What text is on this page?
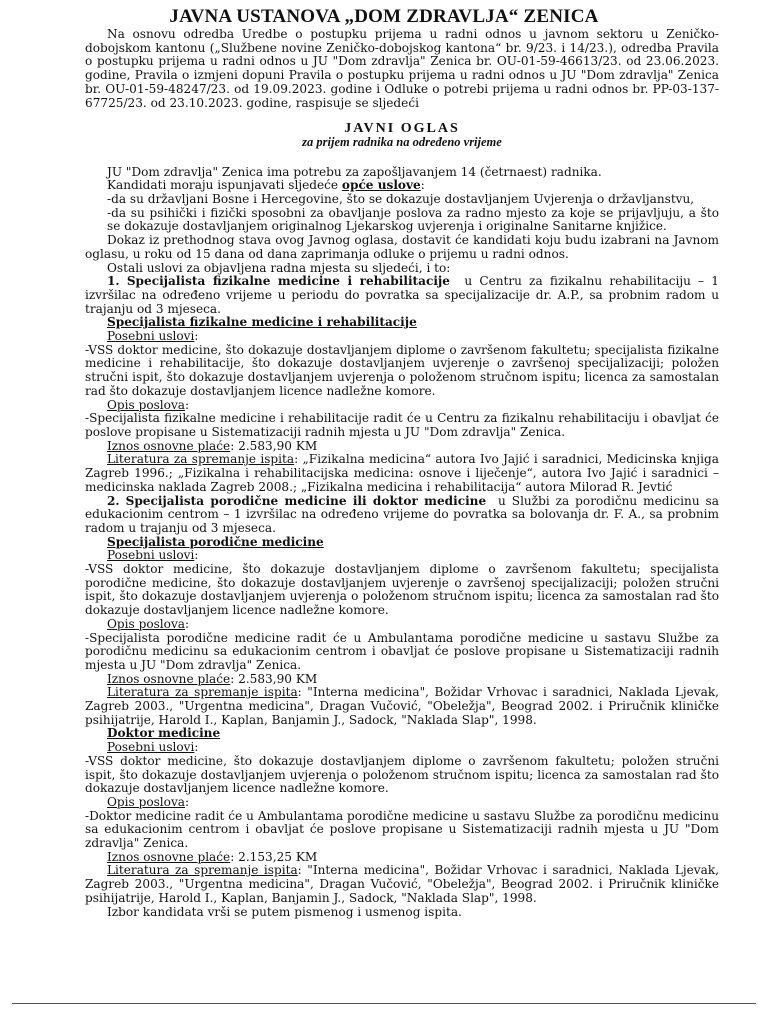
JAVNA USTANOVA „DOM ZDRAVLJA“ ZENICA

Na osnovu odredba Uredbe o postupku prijema u radni odnos u javnom sektoru u Zeničko-dobojskom kantonu („Službene novine Zeničko-dobojskog kantona“ br. 9/23. i 14/23.), odredba Pravila o postupku prijema u radni odnos u JU "Dom zdravlja" Zenica br. OU-01-59-46613/23. od 23.06.2023. godine, Pravila o izmjeni dopuni Pravila o postupku prijema u radni odnos u JU "Dom zdravlja" Zenica br. OU-01-59-48247/23. od 19.09.2023. godine i Odluke o potrebi prijema u radni odnos br. PP-03-137-67725/23. od 23.10.2023. godine, raspisuje se sljedeći

JAVNI OGLAS
za prijem radnika na određeno vrijeme

JU "Dom zdravlja" Zenica ima potrebu za zapošljavanjem 14 (četrnaest) radnika.

Kandidati moraju ispunjavati sljedeće opće uslove:

-da su državljani Bosne i Hercegovine, što se dokazuje dostavljanjem Uvjerenja o državljanstvu,

-da su psihički i fizički sposobni za obavljanje poslova za radno mjesto za koje se prijavljuju, a što se dokazuje dostavljanjem originalnog Ljekarskog uvjerenja i originalne Sanitarne knjižice.

Dokaz iz prethodnog stava ovog Javnog oglasa, dostavit će kandidati koju budu izabrani na Javnom oglasu, u roku od 15 dana od dana zaprimanja odluke o prijemu u radni odnos.

Ostali uslovi za objavljena radna mjesta su sljedeći, i to:

1. Specijalista fizikalne medicine i rehabilitacije u Centru za fizikalnu rehabilitaciju – 1 izvršilac na određeno vrijeme u periodu do povratka sa specijalizacije dr. A.P., sa probnim radom u trajanju od 3 mjeseca.

Specijalista fizikalne medicine i rehabilitacije

Posebni uslovi:

-VSS doktor medicine, što dokazuje dostavljanjem diplome o završenom fakultetu; specijalista fizikalne medicine i rehabilitacije, što dokazuje dostavljanjem uvjerenje o završenoj specijalizaciji; položen stručni ispit, što dokazuje dostavljanjem uvjerenja o položenom stručnom ispitu; licenca za samostalan rad što dokazuje dostavljanjem licence nadležne komore.

Opis poslova:

-Specijalista fizikalne medicine i rehabilitacije radit će u Centru za fizikalnu rehabilitaciju i obavljat će poslove propisane u Sistematizaciji radnih mjesta u JU "Dom zdravlja" Zenica.

Iznos osnovne plaće: 2.583,90 KM

Literatura za spremanje ispita: „Fizikalna medicina“ autora Ivo Jajić i saradnici, Medicinska knjiga Zagreb 1996.; „Fizikalna i rehabilitacijska medicina: osnove i liječenje“, autora Ivo Jajić i saradnici – medicinska naklada Zagreb 2008.; „Fizikalna medicina i rehabilitacija“ autora Milorad R. Jevtić

2. Specijalista porodične medicine ili doktor medicine u Službi za porodičnu medicinu sa edukacionim centrom – 1 izvršilac na određeno vrijeme do povratka sa bolovanja dr. F. A., sa probnim radom u trajanju od 3 mjeseca.

Specijalista porodične medicine

Posebni uslovi:

-VSS doktor medicine, što dokazuje dostavljanjem diplome o završenom fakultetu; specijalista porodične medicine, što dokazuje dostavljanjem uvjerenje o završenoj specijalizaciji; položen stručni ispit, što dokazuje dostavljanjem uvjerenja o položenom stručnom ispitu; licenca za samostalan rad što dokazuje dostavljanjem licence nadležne komore.

Opis poslova:

-Specijalista porodične medicine radit će u Ambulantama porodične medicine u sastavu Službe za porodičnu medicinu sa edukacionim centrom i obavljat će poslove propisane u Sistematizaciji radnih mjesta u JU "Dom zdravlja" Zenica.

Iznos osnovne plaće: 2.583,90 KM

Literatura za spremanje ispita: "Interna medicina", Božidar Vrhovac i saradnici, Naklada Ljevak, Zagreb 2003., "Urgentna medicina", Dragan Vučović, "Obeležja", Beograd 2002. i Priručnik kliničke psihijatrije, Harold I., Kaplan, Banjamin J., Sadock, "Naklada Slap", 1998.

Doktor medicine

Posebni uslovi:

-VSS doktor medicine, što dokazuje dostavljanjem diplome o završenom fakultetu; položen stručni ispit, što dokazuje dostavljanjem uvjerenja o položenom stručnom ispitu; licenca za samostalan rad što dokazuje dostavljanjem licence nadležne komore.

Opis poslova:

-Doktor medicine radit će u Ambulantama porodične medicine u sastavu Službe za porodičnu medicinu sa edukacionim centrom i obavljat će poslove propisane u Sistematizaciji radnih mjesta u JU "Dom zdravlja" Zenica.

Iznos osnovne plaće: 2.153,25 KM

Literatura za spremanje ispita: "Interna medicina", Božidar Vrhovac i saradnici, Naklada Ljevak, Zagreb 2003., "Urgentna medicina", Dragan Vučović, "Obeležja", Beograd 2002. i Priručnik kliničke psihijatrije, Harold I., Kaplan, Banjamin J., Sadock, "Naklada Slap", 1998.

Izbor kandidata vrši se putem pismenog i usmenog ispita.
